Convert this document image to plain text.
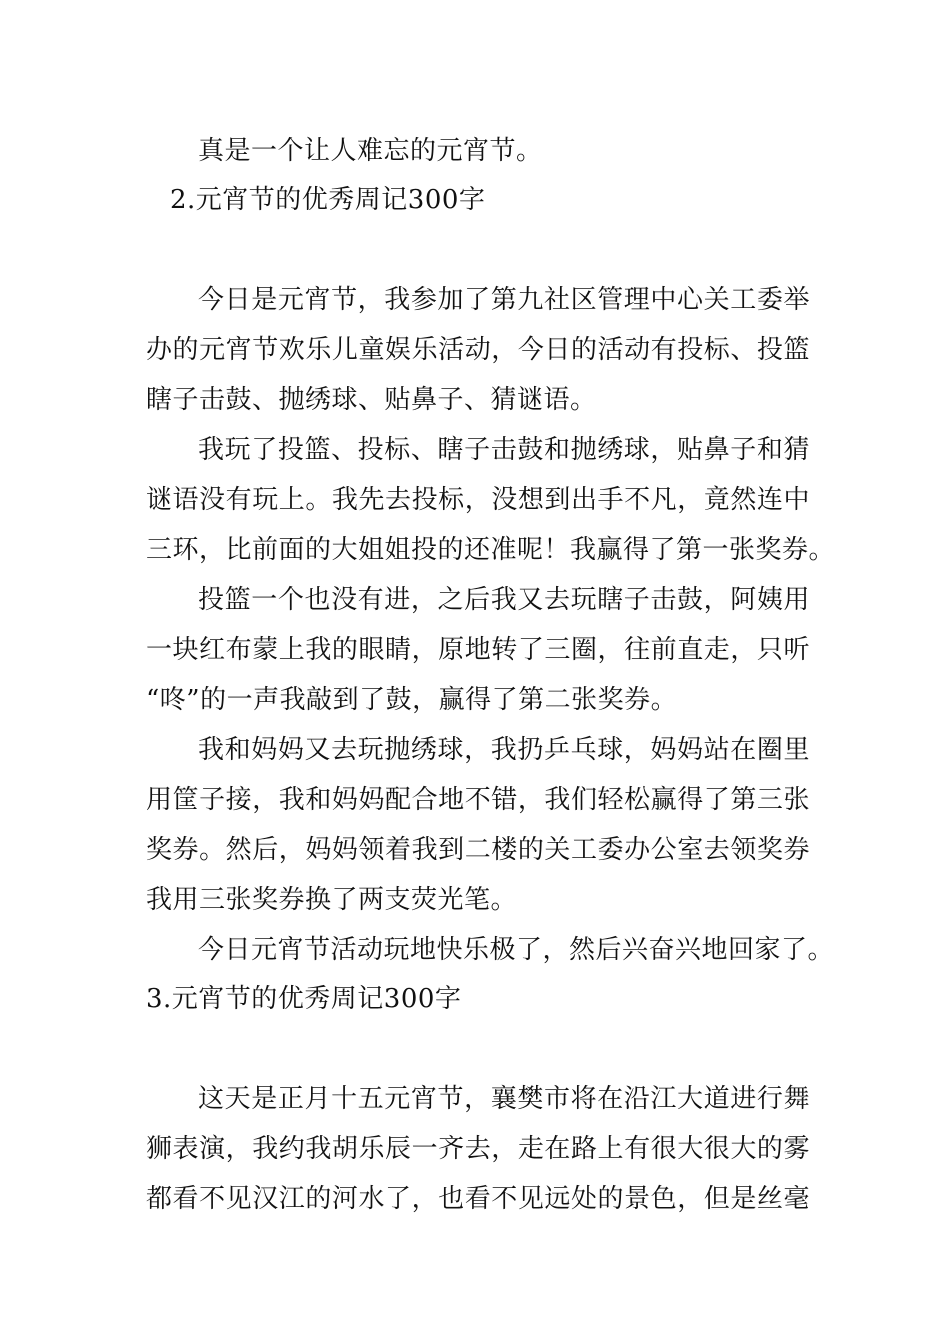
真是一个让人难忘的元宵节。
2.元宵节的优秀周记300字
今日是元宵节，我参加了第九社区管理中心关工委举
办的元宵节欢乐儿童娱乐活动，今日的活动有投标、投篮
瞎子击鼓、抛绣球、贴鼻子、猜谜语。
我玩了投篮、投标、瞎子击鼓和抛绣球，贴鼻子和猜
谜语没有玩上。我先去投标，没想到出手不凡，竟然连中
三环，比前面的大姐姐投的还准呢！我赢得了第一张奖券。
投篮一个也没有进，之后我又去玩瞎子击鼓，阿姨用
一块红布蒙上我的眼睛，原地转了三圈，往前直走，只听
“咚”的一声我敲到了鼓，赢得了第二张奖券。
我和妈妈又去玩抛绣球，我扔乒乓球，妈妈站在圈里
用筐子接，我和妈妈配合地不错，我们轻松赢得了第三张
奖券。然后，妈妈领着我到二楼的关工委办公室去领奖券
我用三张奖券换了两支荧光笔。
今日元宵节活动玩地快乐极了，然后兴奋兴地回家了。
3.元宵节的优秀周记300字
这天是正月十五元宵节，襄樊市将在沿江大道进行舞
狮表演，我约我胡乐辰一齐去，走在路上有很大很大的雾
都看不见汉江的河水了，也看不见远处的景色，但是丝毫
